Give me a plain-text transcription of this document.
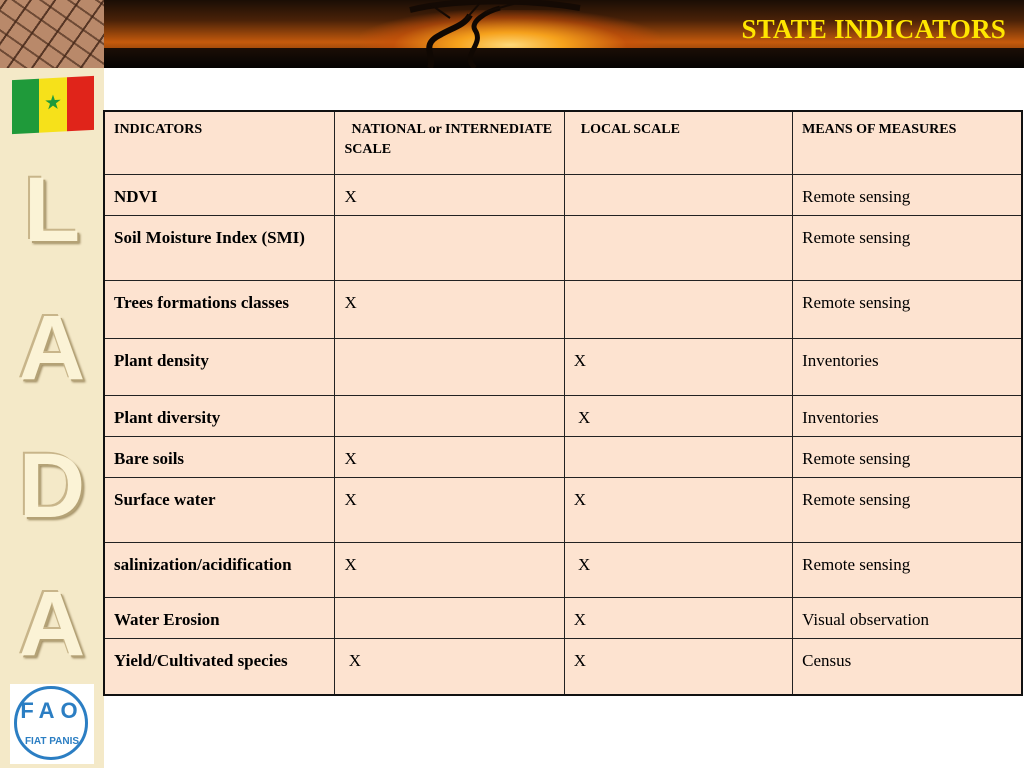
STATE INDICATORS
★
L
A
D
A
FAO
FIAT PANIS
INDICATORS	NATIONAL or INTERNEDIATE SCALE	LOCAL SCALE	MEANS OF MEASURES
NDVI	X		Remote sensing
Soil Moisture Index (SMI)			Remote sensing
Trees formations classes	X		Remote sensing
Plant density		X	Inventories
Plant diversity		X	Inventories
Bare soils	X		Remote sensing
Surface water	X	X	Remote sensing
salinization/acidification	X	X	Remote sensing
Water Erosion		X	Visual observation
Yield/Cultivated species	X	X	Census
